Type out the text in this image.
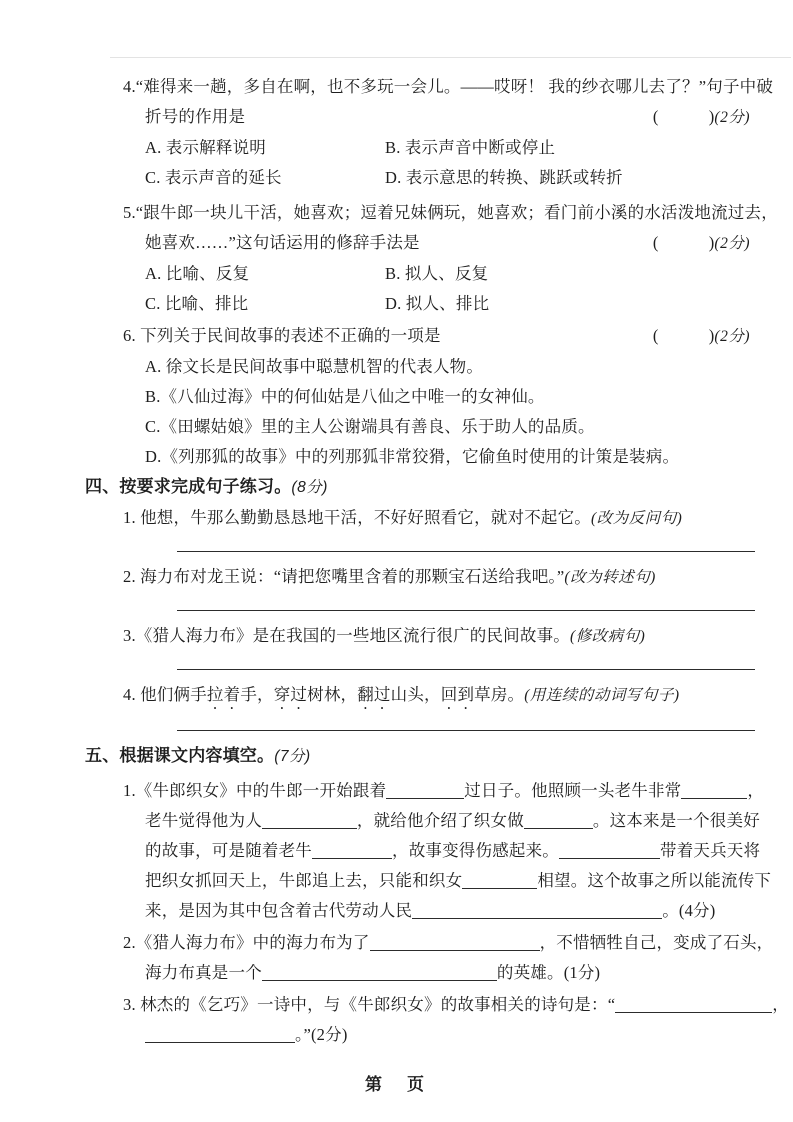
4.“难得来一趟，多自在啊，也不多玩一会儿。——哎呀！ 我的纱衣哪儿去了？”句子中破
折号的作用是	(　　　)(2分)
A. 表示解释说明	B. 表示声音中断或停止
C. 表示声音的延长	D. 表示意思的转换、跳跃或转折
5.“跟牛郎一块儿干活，她喜欢；逗着兄妹俩玩，她喜欢；看门前小溪的水活泼地流过去，
她喜欢……”这句话运用的修辞手法是	(　　　)(2分)
A. 比喻、反复	B. 拟人、反复
C. 比喻、排比	D. 拟人、排比
6. 下列关于民间故事的表述不正确的一项是	(　　　)(2分)
A. 徐文长是民间故事中聪慧机智的代表人物。
B.《八仙过海》中的何仙姑是八仙之中唯一的女神仙。
C.《田螺姑娘》里的主人公谢端具有善良、乐于助人的品质。
D.《列那狐的故事》中的列那狐非常狡猾，它偷鱼时使用的计策是装病。
四、按要求完成句子练习。(8分)
1. 他想，牛那么勤勤恳恳地干活，不好好照看它，就对不起它。(改为反问句)
2. 海力布对龙王说：“请把您嘴里含着的那颗宝石送给我吧。”(改为转述句)
3.《猎人海力布》是在我国的一些地区流行很广的民间故事。(修改病句)
4. 他们俩手拉着手，穿过树林，翻过山头，回到草房。(用连续的动词写句子)
五、根据课文内容填空。(7分)
1.《牛郎织女》中的牛郎一开始跟着	过日子。他照顾一头老牛非常	，
老牛觉得他为人	，就给他介绍了织女做	。这本来是一个很美好
的故事，可是随着老牛	，故事变得伤感起来。	带着天兵天将
把织女抓回天上，牛郎追上去，只能和织女	相望。这个故事之所以能流传下
来，是因为其中包含着古代劳动人民	。(4分)
2.《猎人海力布》中的海力布为了	，不惜牺牲自己，变成了石头，
海力布真是一个	的英雄。(1分)
3. 林杰的《乞巧》一诗中，与《牛郎织女》的故事相关的诗句是：“	，
。”(2分)
第　页
